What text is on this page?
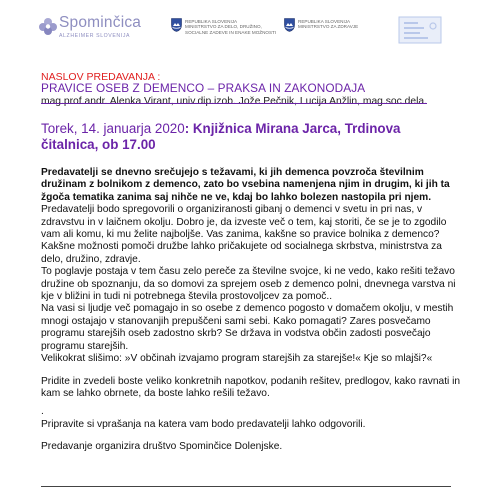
Spominčica
ALZHEIMER SLOVENIJA
REPUBLIKA SLOVENIJA
MINISTRSTVO ZA DELO, DRUŽINO,
SOCIALNE ZADEVE IN ENAKE MOŽNOSTI
REPUBLIKA SLOVENIJA
MINISTRSTVO ZA ZDRAVJE
NASLOV PREDAVANJA :
PRAVICE OSEB Z DEMENCO – PRAKSA IN ZAKONODAJA
mag.prof.andr. Alenka Virant, univ.dip.izob. Jože Pečnik, Lucija Anžlin, mag.soc.dela.
Torek, 14. januarja 2020: Knjižnica Mirana Jarca, Trdinova čitalnica, ob 17.00

Predavatelji se dnevno srečujejo s težavami, ki jih demenca povzroča številnim družinam z bolnikom z demenco, zato bo vsebina namenjena njim in drugim, ki jih ta žgoča tematika zanima saj nihče ne ve, kdaj bo lahko bolezen nastopila pri njem.

Predavatelji bodo spregovorili o organiziranosti gibanj o demenci v svetu in pri nas, v zdravstvu in v laičnem okolju. Dobro je, da izveste več o tem, kaj storiti, če se je to zgodilo vam ali komu, ki mu želite najboljše. Vas zanima, kakšne so pravice bolnika z demenco? Kakšne možnosti pomoči družbe lahko pričakujete od socialnega skrbstva, ministrstva za delo, družino, zdravje.

To poglavje postaja v tem času zelo pereče za številne svojce, ki ne vedo, kako rešiti težavo družine ob spoznanju, da so domovi za sprejem oseb z demenco polni, dnevnega varstva ni kje v bližini in tudi ni potrebnega števila prostovoljcev za pomoč..

Na vasi si ljudje več pomagajo in so osebe z demenco pogosto v domačem okolju, v mestih mnogi ostajajo v stanovanjih prepuščeni sami sebi. Kako pomagati? Zares posvečamo programu starejših oseb zadostno skrb? Se država in vodstva občin zadosti posvečajo programu starejših.

Velikokrat slišimo: »V občinah izvajamo program starejših za starejše!« Kje so mlajši?«

Pridite in zvedeli boste veliko konkretnih napotkov, podanih rešitev, predlogov, kako ravnati in kam se lahko obrnete, da boste lahko rešili težavo.

.

Pripravite si vprašanja na katera vam bodo predavatelji lahko odgovorili.

Predavanje organizira društvo Spominčice Dolenjske.
